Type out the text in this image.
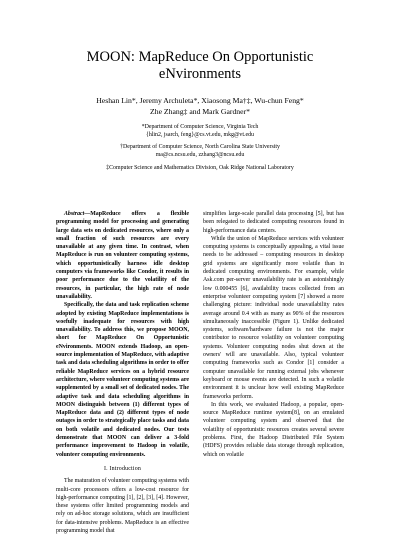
MOON: MapReduce On Opportunistic
eNvironments
Heshan Lin*, Jeremy Archuleta*, Xiaosong Ma†‡, Wu-chun Feng*
Zhe Zhang‡ and Mark Gardner*
*Department of Computer Science, Virginia Tech
{hlin2, jsarch, feng}@cs.vt.edu, mkg@vt.edu
†Department of Computer Science, North Carolina State University
ma@cs.ncsu.edu, zzhang3@ncsu.edu
‡Computer Science and Mathematics Division, Oak Ridge National Laboratory

Abstract—MapReduce offers a flexible programming model for processing and generating large data sets on dedicated resources, where only a small fraction of such resources are every unavailable at any given time. In contrast, when MapReduce is run on volunteer computing systems, which opportunistically harness idle desktop computers via frameworks like Condor, it results in poor performance due to the volatility of the resources, in particular, the high rate of node unavailability.

Specifically, the data and task replication scheme adopted by existing MapReduce implementations is woefully inadequate for resources with high unavailability. To address this, we propose MOON, short for MapReduce On Opportunistic eNvironments. MOON extends Hadoop, an open-source implementation of MapReduce, with adaptive task and data scheduling algorithms in order to offer reliable MapReduce services on a hybrid resource architecture, where volunteer computing systems are supplemented by a small set of dedicated nodes. The adaptive task and data scheduling algorithms in MOON distinguish between (1) different types of MapReduce data and (2) different types of node outages in order to strategically place tasks and data on both volatile and dedicated nodes. Our tests demonstrate that MOON can deliver a 3-fold performance improvement to Hadoop in volatile, volunteer computing environments.

I. Introduction

The maturation of volunteer computing systems with multi-core processors offers a low-cost resource for high-performance computing [1], [2], [3], [4]. However, these systems offer limited programming models and rely on ad-hoc storage solutions, which are insufficient for data-intensive problems. MapReduce is an effective programming model that

simplifies large-scale parallel data processing [5], but has been relegated to dedicated computing resources found in high-performance data centers.

While the union of MapReduce services with volunteer computing systems is conceptually appealing, a vital issue needs to be addressed – computing resources in desktop grid systems are significantly more volatile than in dedicated computing environments. For example, while Ask.com per-server unavailability rate is an astonishingly low 0.000455 [6], availability traces collected from an enterprise volunteer computing system [7] showed a more challenging picture: individual node unavailability rates average around 0.4 with as many as 90% of the resources simultaneously inaccessible (Figure 1). Unlike dedicated systems, software/hardware failure is not the major contributor to resource volatility on volunteer computing systems. Volunteer computing nodes shut down at the owners' will are unavailable. Also, typical volunteer computing frameworks such as Condor [1] consider a computer unavailable for running external jobs whenever keyboard or mouse events are detected. In such a volatile environment it is unclear how well existing MapReduce frameworks perform.

In this work, we evaluated Hadoop, a popular, open-source MapReduce runtime system[8], on an emulated volunteer computing system and observed that the volatility of opportunistic resources creates several severe problems. First, the Hadoop Distributed File System (HDFS) provides reliable data storage through replication, which on volatile
